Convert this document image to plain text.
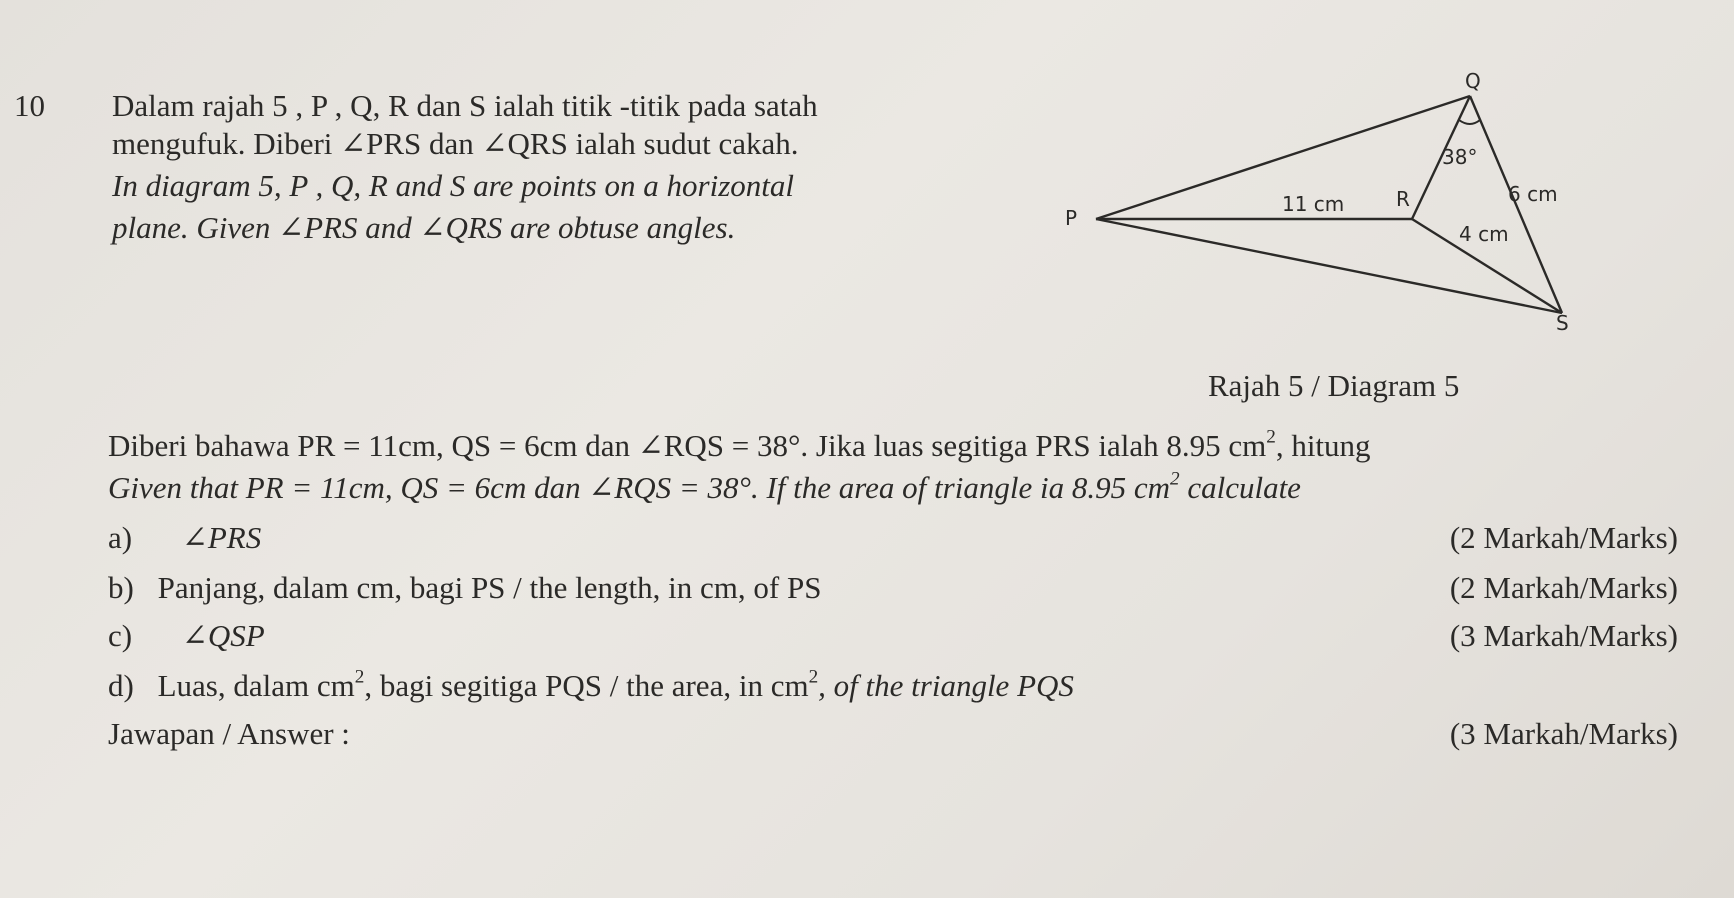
10 Dalam rajah 5 , P , Q, R dan S ialah titik -titik pada satah
mengufuk. Diberi ∠PRS dan ∠QRS ialah sudut cakah.
In diagram 5, P , Q, R and S are points on a horizontal
plane. Given ∠PRS and ∠QRS are obtuse angles.
Q
38°
P
11 cm	R	6 cm
4 cm
S
Rajah 5 / Diagram 5
Diberi bahawa PR = 11cm, QS = 6cm dan ∠RQS = 38°. Jika luas segitiga PRS ialah 8.95 $cm^2$, hitung
Given that PR = 11cm, QS = 6cm dan ∠RQS = 38°. If the area of triangle ia 8.95 $cm^2$ calculate
a) ∠PRS	(2 Markah/Marks)
b) Panjang, dalam cm, bagi PS / the length, in cm, of PS	(2 Markah/Marks)
c) ∠QSP	(3 Markah/Marks)
d) Luas, dalam $cm^2$, bagi segitiga PQS / the area, in $cm^2$, of the triangle PQS
Jawapan / Answer :	(3 Markah/Marks)
